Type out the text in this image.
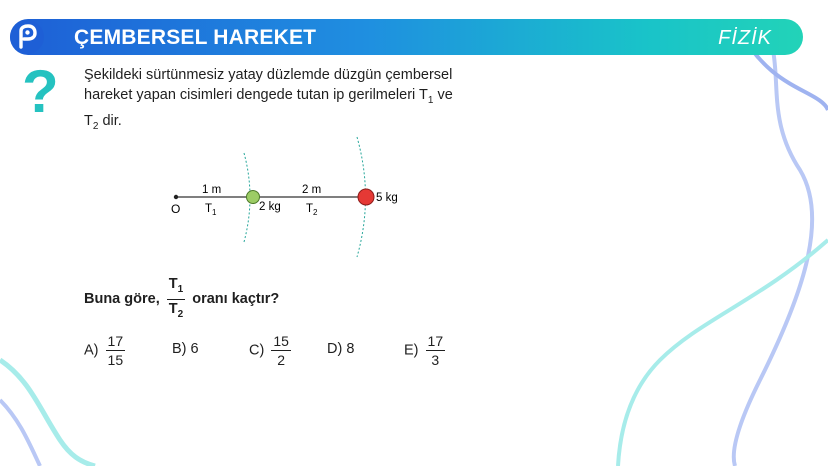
ÇEMBERSEL HAREKET	FİZİK
? Şekildeki sürtünmesiz yatay düzlemde düzgün çembersel
hareket yapan cisimleri dengede tutan ip gerilmeleri $T_1$ ve
$T_2$ dir.
O
1 m
$T_1$	2 kg
2 m
$T_2$
5 kg
Buna göre, $\frac{T_1}{T_2}$ oranı kaçtır?
$A) \frac{17}{15}$	B) 6	$C) \frac{15}{2} D$) 8	$E) \frac{17}{3}$
